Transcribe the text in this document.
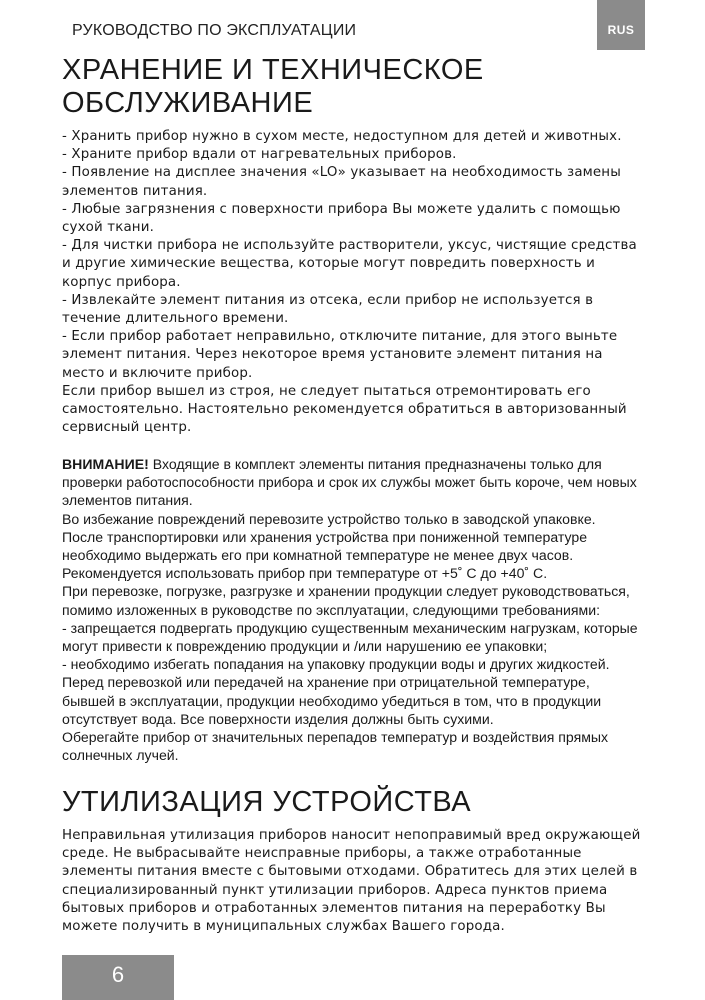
РУКОВОДСТВО ПО ЭКСПЛУАТАЦИИ	RUS
ХРАНЕНИЕ И ТЕХНИЧЕСКОЕ
ОБСЛУЖИВАНИЕ

- Хранить прибор нужно в сухом месте, недоступном для детей и животных.

- Храните прибор вдали от нагревательных приборов.

- Появление на дисплее значения «LO» указывает на необходимость замены элементов питания.

- Любые загрязнения с поверхности прибора Вы можете удалить с помощью сухой ткани.

- Для чистки прибора не используйте растворители, уксус, чистящие средства и другие химические вещества, которые могут повредить поверхность и корпус прибора.

- Извлекайте элемент питания из отсека, если прибор не используется в течение длительного времени.

- Если прибор работает неправильно, отключите питание, для этого выньте элемент питания. Через некоторое время установите элемент питания на место и включите прибор.

Если прибор вышел из строя, не следует пытаться отремонтировать его самостоятельно. Настоятельно рекомендуется обратиться в авторизованный сервисный центр.

ВНИМАНИЕ! Входящие в комплект элементы питания предназначены только для проверки работоспособности прибора и срок их службы может быть короче, чем новых элементов питания.

Во избежание повреждений перевозите устройство только в заводской упаковке.

После транспортировки или хранения устройства при пониженной температуре необходимо выдержать его при комнатной температуре не менее двух часов.

Рекомендуется использовать прибор при температуре от +5˚ С до +40˚ С.

При перевозке, погрузке, разгрузке и хранении продукции следует руководствоваться, помимо изложенных в руководстве по эксплуатации, следующими требованиями:

- запрещается подвергать продукцию существенным механическим нагрузкам, которые могут привести к повреждению продукции и /или нарушению ее упаковки;

- необходимо избегать попадания на упаковку продукции воды и других жидкостей.

Перед перевозкой или передачей на хранение при отрицательной температуре, бывшей в эксплуатации, продукции необходимо убедиться в том, что в продукции отсутствует вода. Все поверхности изделия должны быть сухими.

Оберегайте прибор от значительных перепадов температур и воздействия прямых солнечных лучей.

УТИЛИЗАЦИЯ УСТРОЙСТВА

Неправильная утилизация приборов наносит непоправимый вред окружающей среде. Не выбрасывайте неисправные приборы, а также отработанные элементы питания вместе с бытовыми отходами. Обратитесь для этих целей в специализированный пункт утилизации приборов. Адреса пунктов приема бытовых приборов и отработанных элементов питания на переработку Вы можете получить в муниципальных службах Вашего города.

6
